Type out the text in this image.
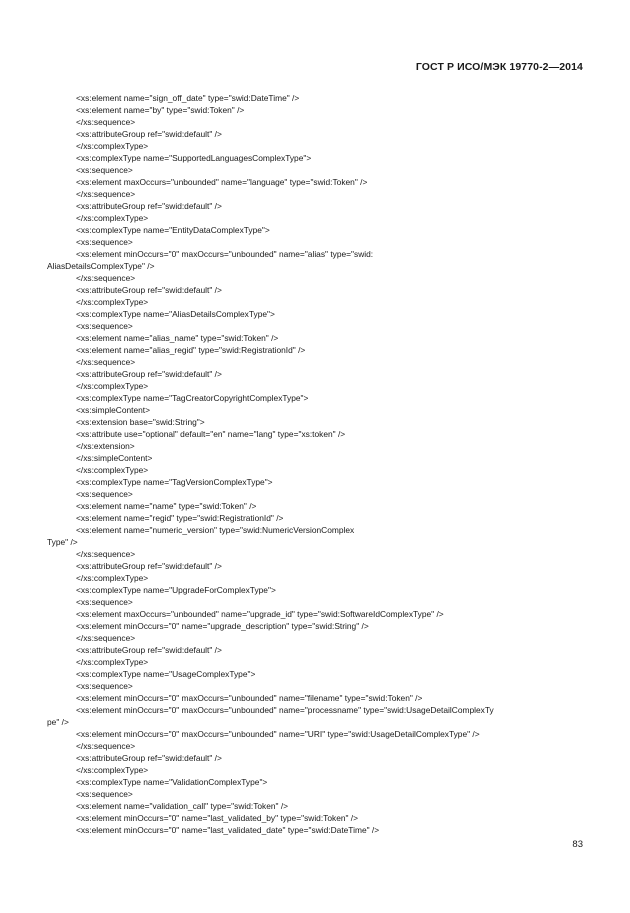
ГОСТ Р ИСО/МЭК 19770-2—2014
<xs:element name="sign_off_date" type="swid:DateTime" />
<xs:element name="by" type="swid:Token" />
</xs:sequence>
<xs:attributeGroup ref="swid:default" />
</xs:complexType>
<xs:complexType name="SupportedLanguagesComplexType">
<xs:sequence>
<xs:element maxOccurs="unbounded" name="language" type="swid:Token" />
</xs:sequence>
<xs:attributeGroup ref="swid:default" />
</xs:complexType>
<xs:complexType name="EntityDataComplexType">
<xs:sequence>
<xs:element minOccurs="0" maxOccurs="unbounded" name="alias" type="swid:
AliasDetailsComplexType" />
</xs:sequence>
<xs:attributeGroup ref="swid:default" />
</xs:complexType>
<xs:complexType name="AliasDetailsComplexType">
<xs:sequence>
<xs:element name="alias_name" type="swid:Token" />
<xs:element name="alias_regid" type="swid:RegistrationId" />
</xs:sequence>
<xs:attributeGroup ref="swid:default" />
</xs:complexType>
<xs:complexType name="TagCreatorCopyrightComplexType">
<xs:simpleContent>
<xs:extension base="swid:String">
<xs:attribute use="optional" default="en" name="lang" type="xs:token" />
</xs:extension>
</xs:simpleContent>
</xs:complexType>
<xs:complexType name="TagVersionComplexType">
<xs:sequence>
<xs:element name="name" type="swid:Token" />
<xs:element name="regid" type="swid:RegistrationId" />
<xs:element name="numeric_version" type="swid:NumericVersionComplex
Type" />
</xs:sequence>
<xs:attributeGroup ref="swid:default" />
</xs:complexType>
<xs:complexType name="UpgradeForComplexType">
<xs:sequence>
<xs:element maxOccurs="unbounded" name="upgrade_id" type="swid:SoftwareIdComplexType" />
<xs:element minOccurs="0" name="upgrade_description" type="swid:String" />
</xs:sequence>
<xs:attributeGroup ref="swid:default" />
</xs:complexType>
<xs:complexType name="UsageComplexType">
<xs:sequence>
<xs:element minOccurs="0" maxOccurs="unbounded" name="filename" type="swid:Token" />
<xs:element minOccurs="0" maxOccurs="unbounded" name="processname" type="swid:UsageDetailComplexTy
pe" />
<xs:element minOccurs="0" maxOccurs="unbounded" name="URI" type="swid:UsageDetailComplexType" />
</xs:sequence>
<xs:attributeGroup ref="swid:default" />
</xs:complexType>
<xs:complexType name="ValidationComplexType">
<xs:sequence>
<xs:element name="validation_call" type="swid:Token" />
<xs:element minOccurs="0" name="last_validated_by" type="swid:Token" />
<xs:element minOccurs="0" name="last_validated_date" type="swid:DateTime" />
83
